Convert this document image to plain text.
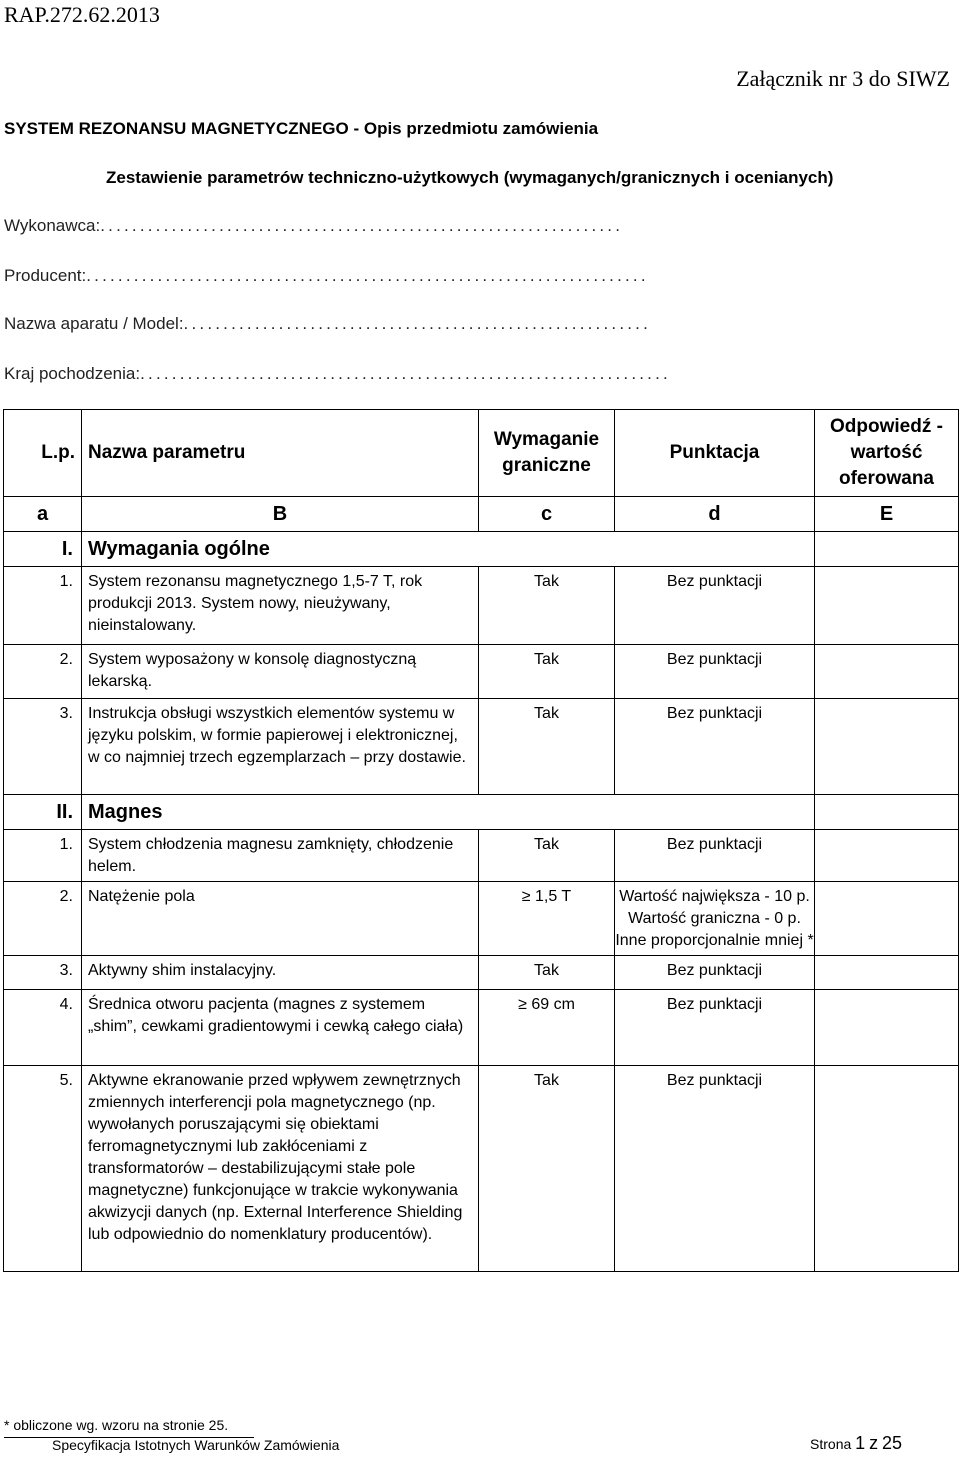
RAP.272.62.2013
Załącznik nr 3 do SIWZ
SYSTEM REZONANSU MAGNETYCZNEGO - Opis przedmiotu zamówienia
Zestawienie parametrów techniczno-użytkowych (wymaganych/granicznych i ocenianych)
Wykonawca:..................................................................
Producent:.......................................................................
Nazwa aparatu / Model:...........................................................
Kraj pochodzenia:...................................................................
L.p.	Nazwa parametru	Wymaganie graniczne	Punktacja	Odpowiedź - wartość oferowana
a	B	c	d	E
I.	Wymagania ogólne			
1.	System rezonansu magnetycznego 1,5-7 T, rok produkcji 2013. System nowy, nieużywany, nieinstalowany.	Tak	Bez punktacji	
2.	System wyposażony w konsolę diagnostyczną lekarską.	Tak	Bez punktacji	
3.	Instrukcja obsługi wszystkich elementów systemu w języku polskim, w formie papierowej i elektronicznej, w co najmniej trzech egzemplarzach – przy dostawie.	Tak	Bez punktacji	
II.	Magnes			
1.	System chłodzenia magnesu zamknięty, chłodzenie helem.	Tak	Bez punktacji	
2.	Natężenie pola	≥ 1,5 T	Wartość największa - 10 p.
Wartość graniczna - 0 p.
Inne proporcjonalnie mniej *	

3.	Aktywny shim instalacyjny.	Tak	Bez punktacji	
4.	Średnica otworu pacjenta (magnes z systemem „shim”, cewkami gradientowymi i cewką całego ciała)	≥ 69 cm	Bez punktacji	
5.	Aktywne ekranowanie przed wpływem zewnętrznych zmiennych interferencji pola magnetycznego (np. wywołanych poruszającymi się obiektami ferromagnetycznymi lub zakłóceniami z transformatorów – destabilizującymi stałe pole magnetyczne) funkcjonujące w trakcie wykonywania akwizycji danych (np. External Interference Shielding lub odpowiednio do nomenklatury producentów).	Tak	Bez punktacji	
* obliczone wg. wzoru na stronie 25.
Specyfikacja Istotnych Warunków Zamówienia	Strona 1 z 25
